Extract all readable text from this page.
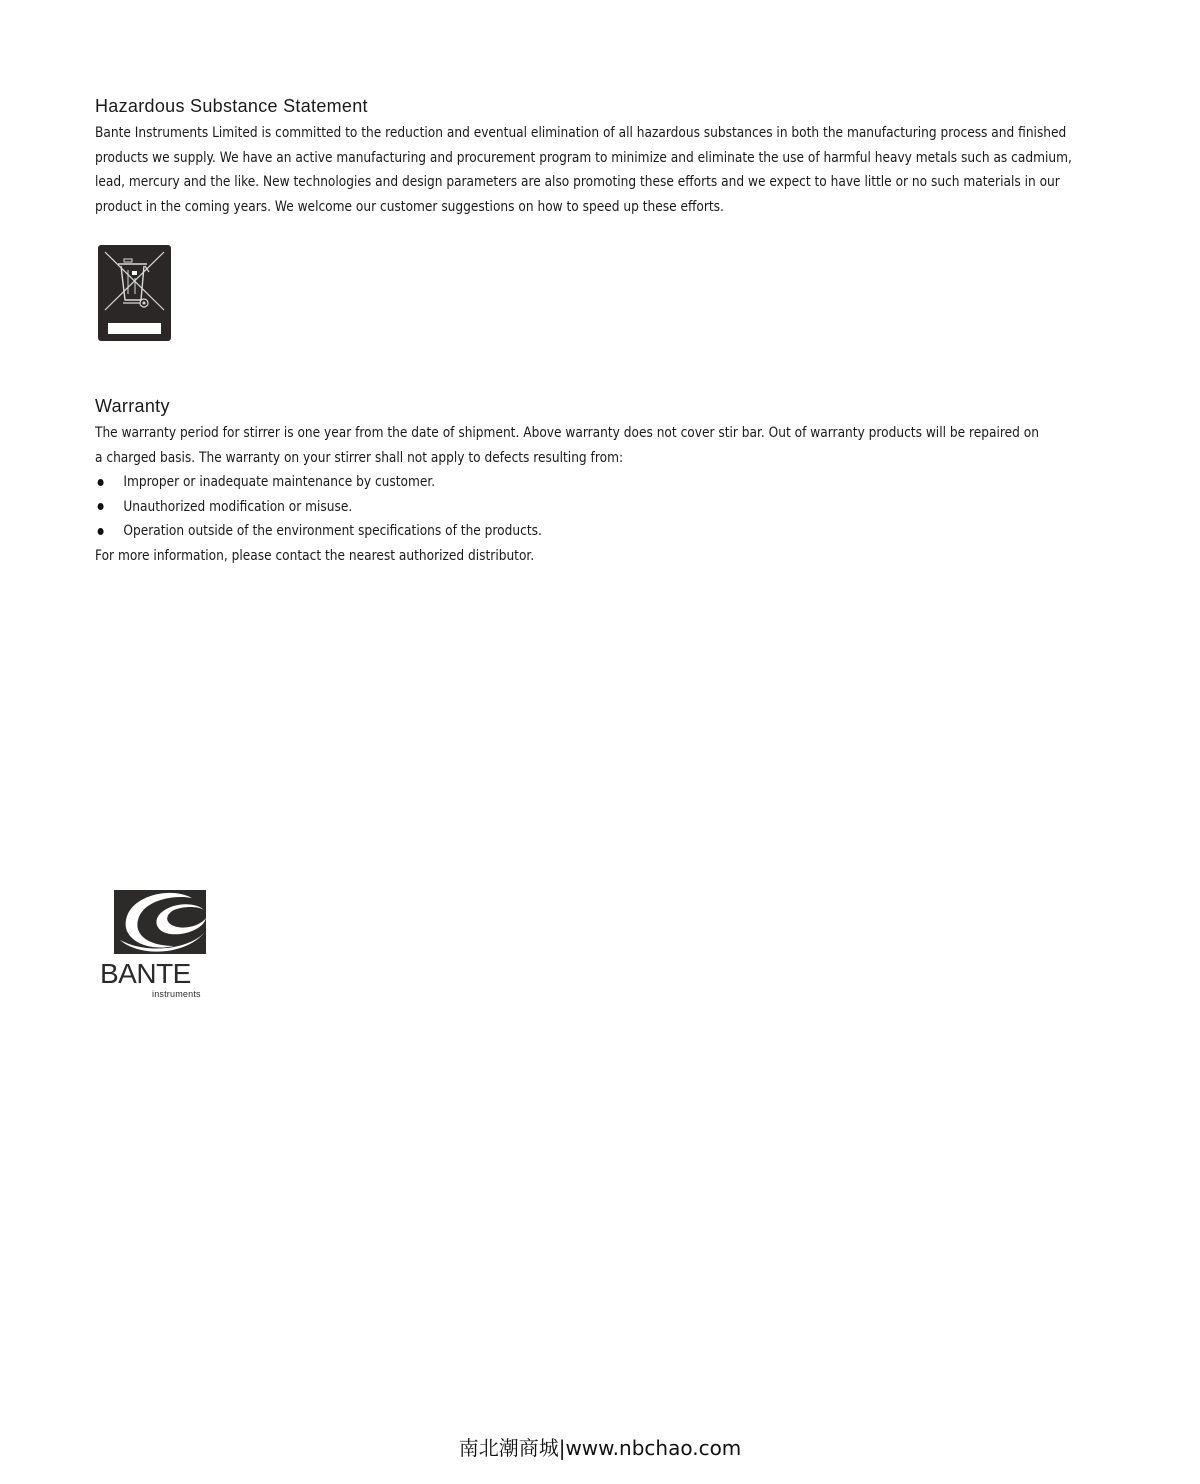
Hazardous Substance Statement
Bante Instruments Limited is committed to the reduction and eventual elimination of all hazardous substances in both the manufacturing process and finished
products we supply. We have an active manufacturing and procurement program to minimize and eliminate the use of harmful heavy metals such as cadmium,
lead, mercury and the like. New technologies and design parameters are also promoting these efforts and we expect to have little or no such materials in our
product in the coming years. We welcome our customer suggestions on how to speed up these efforts.
Warranty
The warranty period for stirrer is one year from the date of shipment. Above warranty does not cover stir bar. Out of warranty products will be repaired on
a charged basis. The warranty on your stirrer shall not apply to defects resulting from:
Improper or inadequate maintenance by customer.
Unauthorized modification or misuse.
Operation outside of the environment specifications of the products.
For more information, please contact the nearest authorized distributor.
BANTE
instruments
南北潮商城|www.nbchao.com
